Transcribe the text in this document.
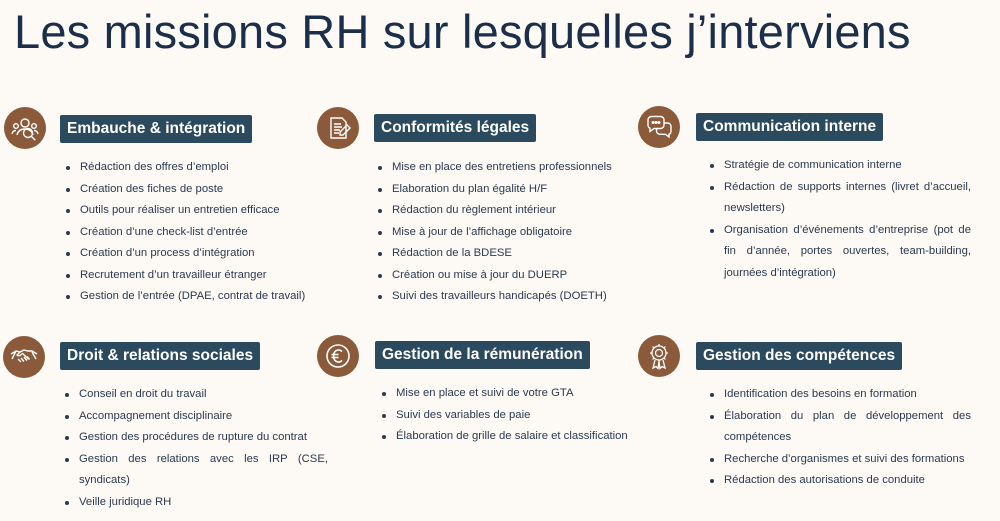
Les missions RH sur lesquelles j’interviens
Embauche & intégration
Rédaction des offres d’emploi
Création des fiches de poste
Outils pour réaliser un entretien efficace
Création d’une check-list d’entrée
Création d’un process d’intégration
Recrutement d’un travailleur étranger
Gestion de l’entrée (DPAE, contrat de travail)
Conformités légales
Mise en place des entretiens professionnels
Elaboration du plan égalité H/F
Rédaction du règlement intérieur
Mise à jour de l’affichage obligatoire
Rédaction de la BDESE
Création ou mise à jour du DUERP
Suivi des travailleurs handicapés (DOETH)
Communication interne
Stratégie de communication interne
Rédaction de supports internes (livret d’accueil, newsletters)
Organisation d’événements d’entreprise (pot de fin d’année, portes ouvertes, team-building, journées d’intégration)
Droit & relations sociales
Conseil en droit du travail
Accompagnement disciplinaire
Gestion des procédures de rupture du contrat
Gestion des relations avec les IRP (CSE, syndicats)
Veille juridique RH
Gestion de la rémunération
Mise en place et suivi de votre GTA
Suivi des variables de paie
Élaboration de grille de salaire et classification
Gestion des compétences
Identification des besoins en formation
Élaboration du plan de développement des compétences
Recherche d’organismes et suivi des formations
Rédaction des autorisations de conduite
